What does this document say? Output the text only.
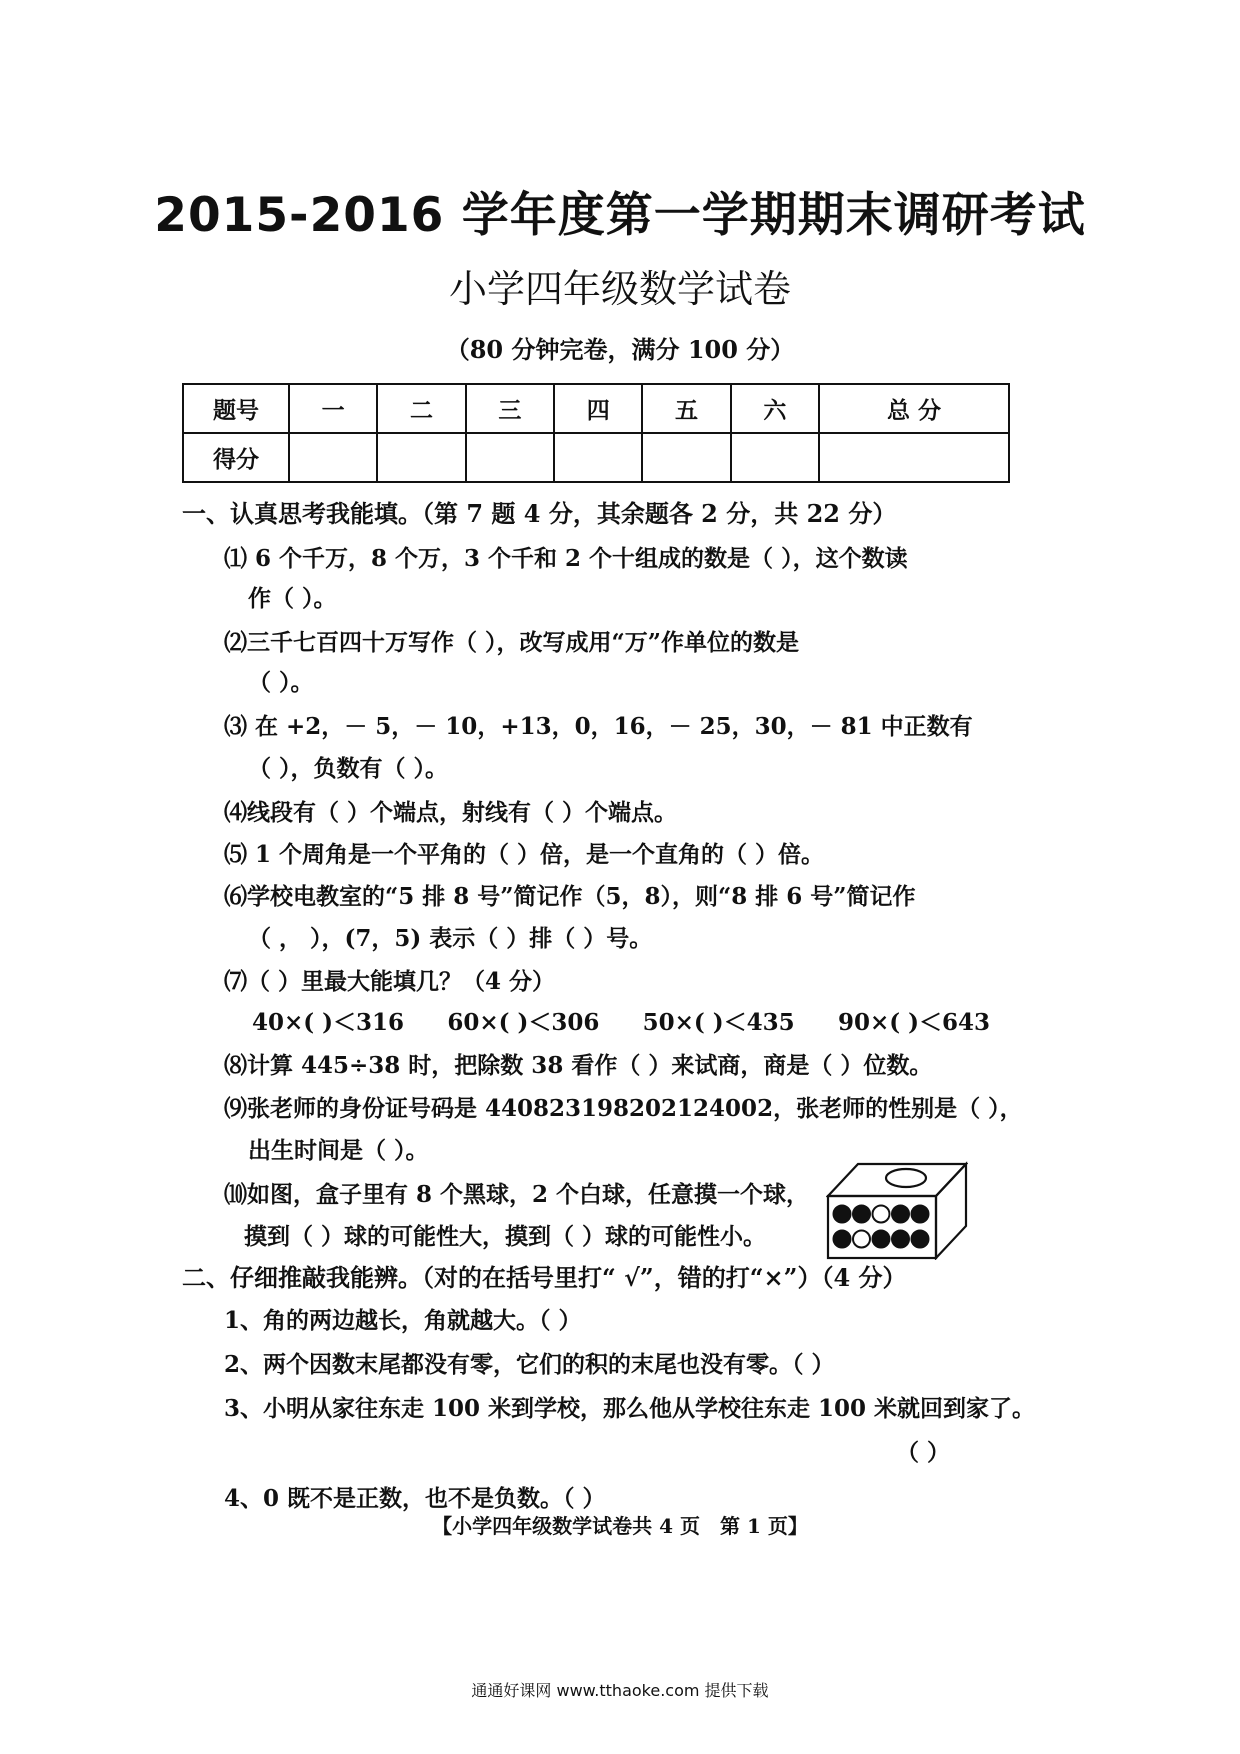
2015-2016 学年度第一学期期末调研考试
小学四年级数学试卷
（80 分钟完卷，满分 100 分）
题号	一	二	三	四	五	六	总 分
得分							
一、认真思考我能填。（第 7 题 4 分，其余题各 2 分，共 22 分）
⑴ 6 个千万，8 个万，3 个千和 2 个十组成的数是（ ），这个数读
作（ ）。
⑵三千七百四十万写作（ ），改写成用“万”作单位的数是
（ ）。
⑶ 在 +2，－ 5，－ 10，+13，0，16，－ 25，30，－ 81 中正数有
（ ），负数有（ ）。
⑷线段有（ ）个端点，射线有（ ）个端点。
⑸ 1 个周角是一个平角的（ ）倍，是一个直角的（ ）倍。
⑹学校电教室的“5 排 8 号”简记作（5，8），则“8 排 6 号”简记作
（ ， ），(7，5) 表示（ ）排（ ）号。
⑺（ ）里最大能填几？（4 分）
40×( )＜316 60×( )＜306 50×( )＜435 90×( )＜643
⑻计算 445÷38 时，把除数 38 看作（ ）来试商，商是（ ）位数。
⑼张老师的身份证号码是 440823198202124002，张老师的性别是（ ），
出生时间是（ ）。
⑽如图，盒子里有 8 个黑球，2 个白球，任意摸一个球，
摸到（ ）球的可能性大，摸到（ ）球的可能性小。
二、仔细推敲我能辨。（对的在括号里打“ √”，错的打“×”）（4 分）
1、角的两边越长，角就越大。（ ）
2、两个因数末尾都没有零，它们的积的末尾也没有零。（ ）
3、小明从家往东走 100 米到学校，那么他从学校往东走 100 米就回到家了。
（ ）
4、0 既不是正数，也不是负数。（ ）
【小学四年级数学试卷共 4 页　第 1 页】
通通好课网 www.tthaoke.com 提供下载
